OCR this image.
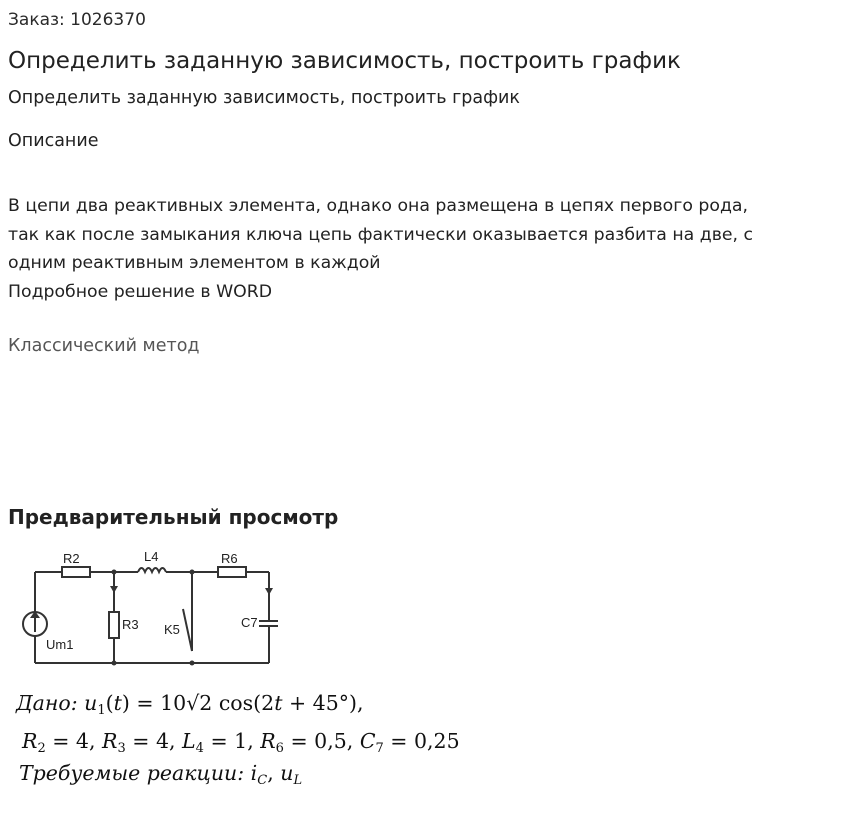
Заказ: 1026370
Определить заданную зависимость, построить график
Определить заданную зависимость, построить график
Описание

В цепи два реактивных элемента, однако она размещена в цепях первого рода,

так как после замыкания ключа цепь фактически оказывается разбита на две, с

одним реактивным элементом в каждой

Подробное решение в WORD

Классический метод
Предварительный просмотр
R2	L4	R6
R3 K5	C7
Um1
Дано: $u_1(t) = 10√2$ cos(2t + 45°),
$R_2 = 4$, $R_3 = 4$, $L_4 = 1$, $R_6 = 0,5$, $C_7 = 0,25$
Требуемые реакции: $i_C$, $u_L$
